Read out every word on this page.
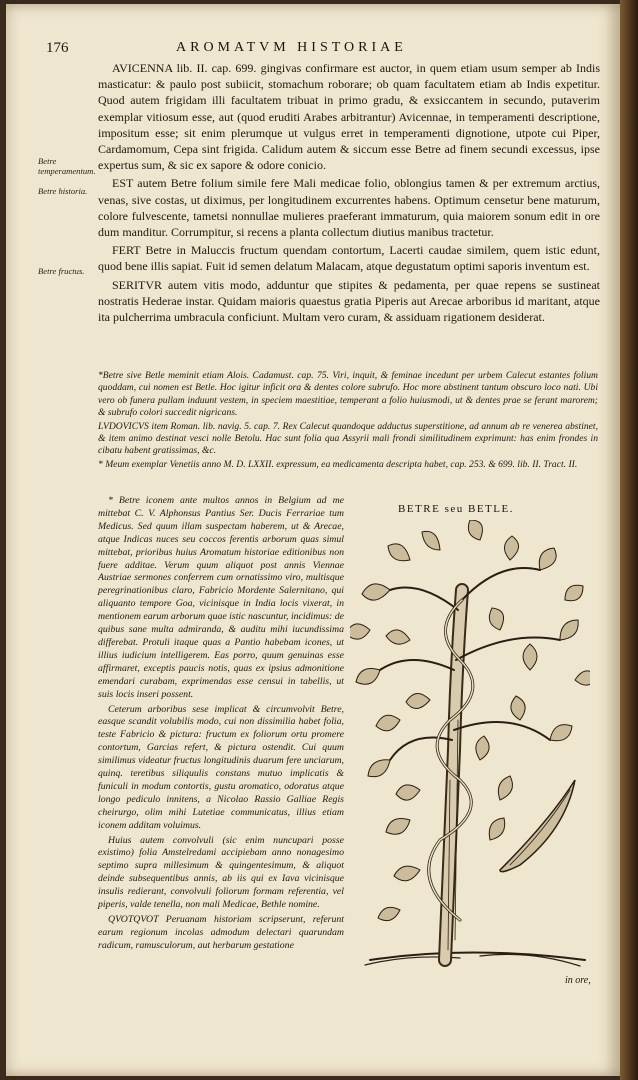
176	AROMATVM HISTORIAE
Betre temperamentum.
Betre historia.
Betre fructus.

AVICENNA lib. II. cap. 699. gingivas confirmare est auctor, in quem etiam usum semper ab Indis masticatur: & paulo post subiicit, stomachum roborare; ob quam facultatem etiam ab Indis expetitur. Quod autem frigidam illi facultatem tribuat in primo gradu, & exsiccantem in secundo, putaverim exemplar vitiosum esse, aut (quod eruditi Arabes arbitrantur) Avicennae, in temperamenti descriptione, impositum esse; sit enim plerumque ut vulgus erret in temperamenti dignotione, utpote cui Piper, Cardamomum, Cepa sint frigida. Calidum autem & siccum esse Betre ad finem secundi excessus, ipse expertus sum, & sic ex sapore & odore conicio.

EST autem Betre folium simile fere Mali medicae folio, oblongius tamen & per extremum arctius, venas, sive costas, ut diximus, per longitudinem excurrentes habens. Optimum censetur bene maturum, colore fulvescente, tametsi nonnullae mulieres praeferant immaturum, quia maiorem sonum edit in ore dum manditur. Corrumpitur, si recens a planta collectum diutius manibus tractetur.

FERT Betre in Maluccis fructum quendam contortum, Lacerti caudae similem, quem istic edunt, quod bene illis sapiat. Fuit id semen delatum Malacam, atque degustatum optimi saporis inventum est.

SERITVR autem vitis modo, adduntur que stipites & pedamenta, per quae repens se sustineat nostratis Hederae instar. Quidam maioris quaestus gratia Piperis aut Arecae arboribus id maritant, atque ita pulcherrima umbracula conficiunt. Multam vero curam, & assiduam rigationem desiderat.

*Betre sive Betle meminit etiam Alois. Cadamust. cap. 75. Viri, inquit, & feminae incedunt per urbem Calecut estantes folium quoddam, cui nomen est Betle. Hoc igitur inficit ora & dentes colore subrufo. Hoc more abstinent tantum obscuro loco nati. Ubi vero ob funera pullam induunt vestem, in speciem maestitiae, temperant a folio huiusmodi, ut & dentes prae se ferant marorem; & subrufo colori succedit nigricans.

LVDOVICVS item Roman. lib. navig. 5. cap. 7. Rex Calecut quandoque adductus superstitione, ad annum ab re venerea abstinet, & item animo destinat vesci nolle Betolu. Hac sunt folia qua Assyrii mali frondi similitudinem exprimunt: has enim frondes in cibatu habent gratissimas, &c.

* Meum exemplar Venetiis anno M. D. LXXII. expressum, ea medicamenta descripta habet, cap. 253. & 699. lib. II. Tract. II.

* Betre iconem ante multos annos in Belgium ad me mittebat C. V. Alphonsus Pantius Ser. Ducis Ferrariae tum Medicus. Sed quum illam suspectam haberem, ut & Arecae, atque Indicas nuces seu coccos ferentis arborum quas simul mittebat, prioribus huius Aromatum historiae editionibus non fuere additae. Verum quum aliquot post annis Viennae Austriae sermones conferrem cum ornatissimo viro, multisque peregrinationibus claro, Fabricio Mordente Salernitano, qui aliquanto tempore Goa, vicinisque in India locis vixerat, in mentionem earum arborum quae istic nascuntur, incidimus: de quibus sane multa admiranda, & auditu mihi iucundissima differebat. Protuli itaque quas a Pantio habebam icones, ut illius iudicium intelligerem. Eas porro, quum genuinas esse affirmaret, exceptis paucis notis, quas ex ipsius admonitione emendari curabam, exprimendas esse censui in tabellis, ut suis locis inseri possent.

Ceterum arboribus sese implicat & circumvolvit Betre, easque scandit volubilis modo, cui non dissimilia habet folia, teste Fabricio & pictura: fructum ex foliorum ortu promere contortum, Garcias refert, & pictura ostendit. Cui quum similimus videatur fructus longitudinis duarum fere unciarum, quinq. teretibus siliquulis constans mutuo implicatis & funiculi in modum contortis, gustu aromatico, odoratus atque longo pediculo innitens, a Nicolao Rassio Galliae Regis cheirurgo, olim mihi Lutetiae communicatus, illius etiam iconem additam voluimus.

Huius autem convolvuli (sic enim nuncupari posse existimo) folia Amstelredami accipiebam anno nonagesimo septimo supra millesimum & quingentesimum, & aliquot deinde subsequentibus annis, ab iis qui ex Iava vicinisque insulis redierant, convolvuli foliorum formam referentia, vel piperis, valde tenella, non mali Medicae, Bethle nomine.

QVOTQVOT Peruanam historiam scripserunt, referunt earum regionum incolas admodum delectari quarundam radicum, ramusculorum, aut herbarum gestatione

BETRE seu BETLE.
in ore,
